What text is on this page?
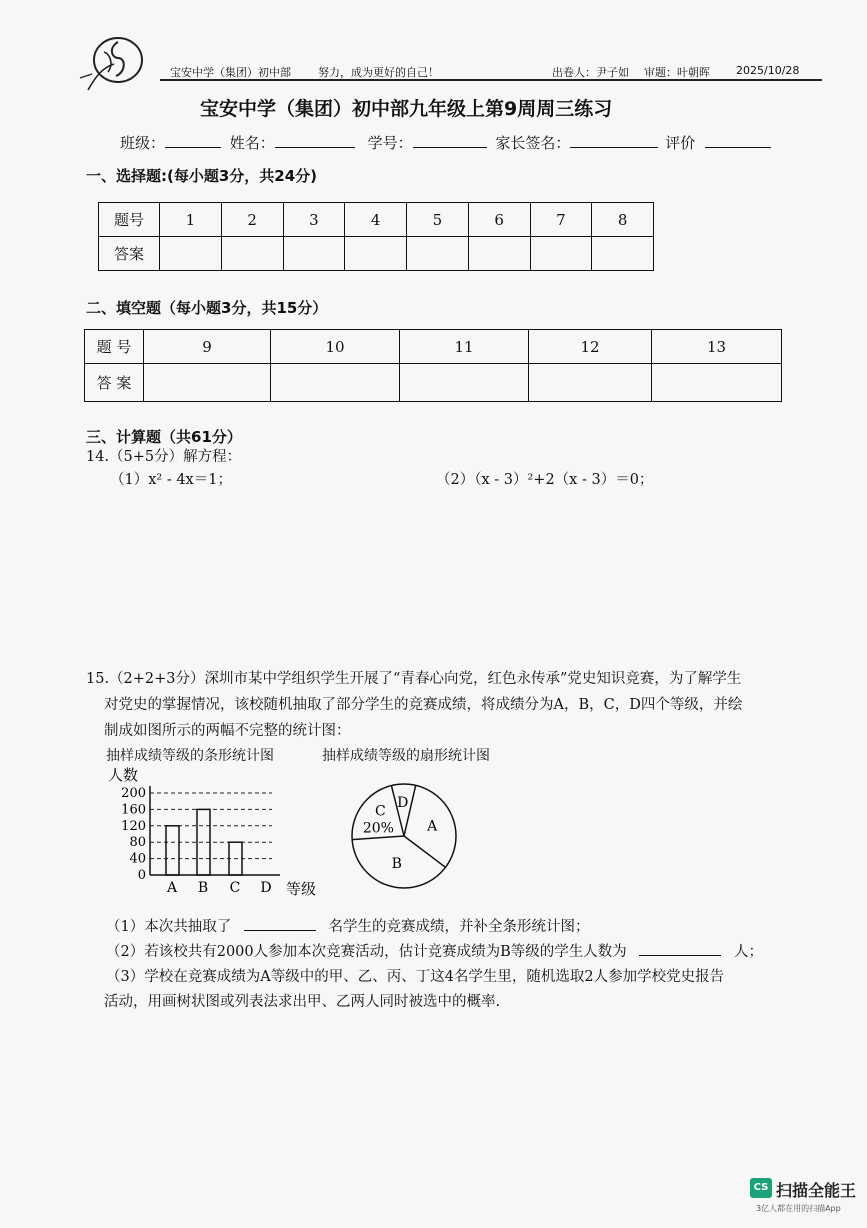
宝安中学（集团）初中部 努力，成为更好的自己！	出卷人：尹子如 审题：叶朝晖 2025/10/28
宝安中学（集团）初中部九年级上第9周周三练习
班级：	姓名：	学号：	家长签名：	评价
一、选择题:(每小题3分，共24分)
题号	1	2	3	4	5	6	7	8
答案								
二、填空题（每小题3分，共15分）
题 号	9	10	11	12	13
答 案					
三、计算题（共61分）
14.（5+5分）解方程：
（1）x² - 4x＝1；	（2）（x - 3）²+2（x - 3）＝0；
15.（2+2+3分）深圳市某中学组织学生开展了“青春心向党，红色永传承”党史知识竞赛，为了解学生
对党史的掌握情况，该校随机抽取了部分学生的竞赛成绩，将成绩分为A，B，C，D四个等级，并绘
制成如图所示的两幅不完整的统计图：
抽样成绩等级的条形统计图	抽样成绩等级的扇形统计图
人数
0
40
80
120
160
200
A B C D 等级
A
B
C
20%
D
（1）本次共抽取了	名学生的竞赛成绩，并补全条形统计图；
（2）若该校共有2000人参加本次竞赛活动，估计竞赛成绩为B等级的学生人数为	人；
（3）学校在竞赛成绩为A等级中的甲、乙、丙、丁这4名学生里，随机选取2人参加学校党史报告
活动，用画树状图或列表法求出甲、乙两人同时被选中的概率.
CS 扫描全能王
3亿人都在用的扫描App
